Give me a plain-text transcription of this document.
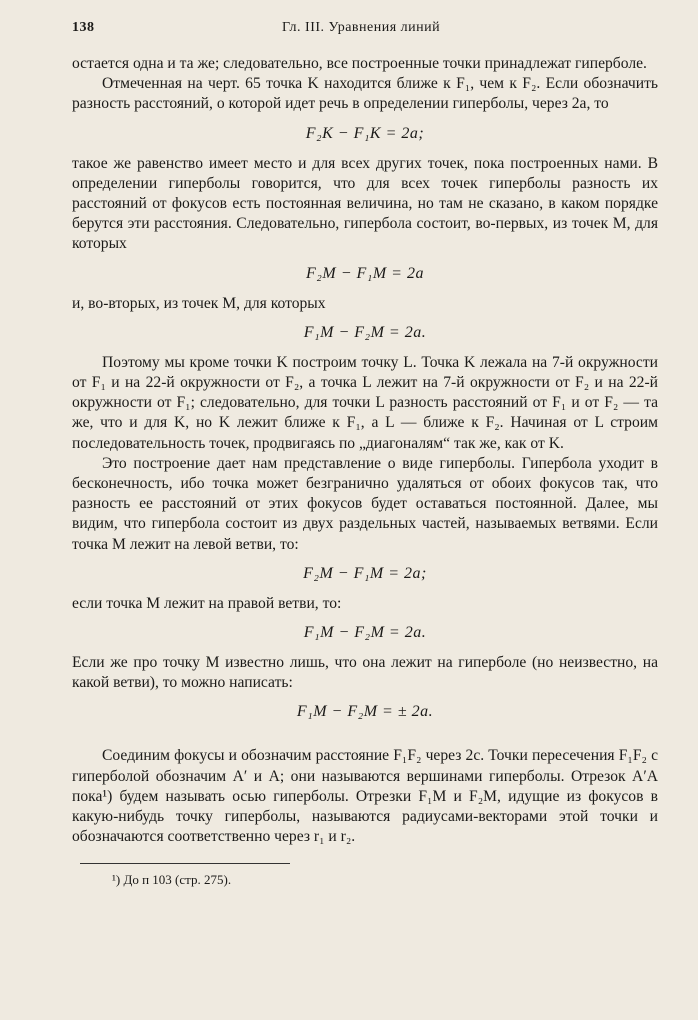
138	Гл. III. Уравнения линий

остается одна и та же; следовательно, все построенные точки принадлежат гиперболе.

Отмеченная на черт. 65 точка K находится ближе к F₁, чем к F₂. Если обозначить разность расстояний, о которой идет речь в определении гиперболы, через 2a, то

F₂K − F₁K = 2a;

такое же равенство имеет место и для всех других точек, пока построенных нами. В определении гиперболы говорится, что для всех точек гиперболы разность их расстояний от фокусов есть постоянная величина, но там не сказано, в каком порядке берутся эти расстояния. Следовательно, гипербола состоит, во-первых, из точек M, для которых

F₂M − F₁M = 2a

и, во-вторых, из точек M, для которых

F₁M − F₂M = 2a.

Поэтому мы кроме точки K построим точку L. Точка K лежала на 7-й окружности от F₁ и на 22-й окружности от F₂, а точка L лежит на 7-й окружности от F₂ и на 22-й окружности от F₁; следовательно, для точки L разность расстояний от F₁ и от F₂ — та же, что и для K, но K лежит ближе к F₁, а L — ближе к F₂. Начиная от L строим последовательность точек, продвигаясь по „диагоналям“ так же, как от K.

Это построение дает нам представление о виде гиперболы. Гипербола уходит в бесконечность, ибо точка может безгранично удаляться от обоих фокусов так, что разность ее расстояний от этих фокусов будет оставаться постоянной. Далее, мы видим, что гипербола состоит из двух раздельных частей, называемых ветвями. Если точка M лежит на левой ветви, то:

F₂M − F₁M = 2a;

если точка M лежит на правой ветви, то:

F₁M − F₂M = 2a.

Если же про точку M известно лишь, что она лежит на гиперболе (но неизвестно, на какой ветви), то можно написать:

F₁M − F₂M = ± 2a.

Соединим фокусы и обозначим расстояние F₁F₂ через 2c. Точки пересечения F₁F₂ с гиперболой обозначим A′ и A; они называются вершинами гиперболы. Отрезок A′A пока¹) будем называть осью гиперболы. Отрезки F₁M и F₂M, идущие из фокусов в какую-нибудь точку гиперболы, называются радиусами-векторами этой точки и обозначаются соответственно через r₁ и r₂.

¹) До п 103 (стр. 275).
